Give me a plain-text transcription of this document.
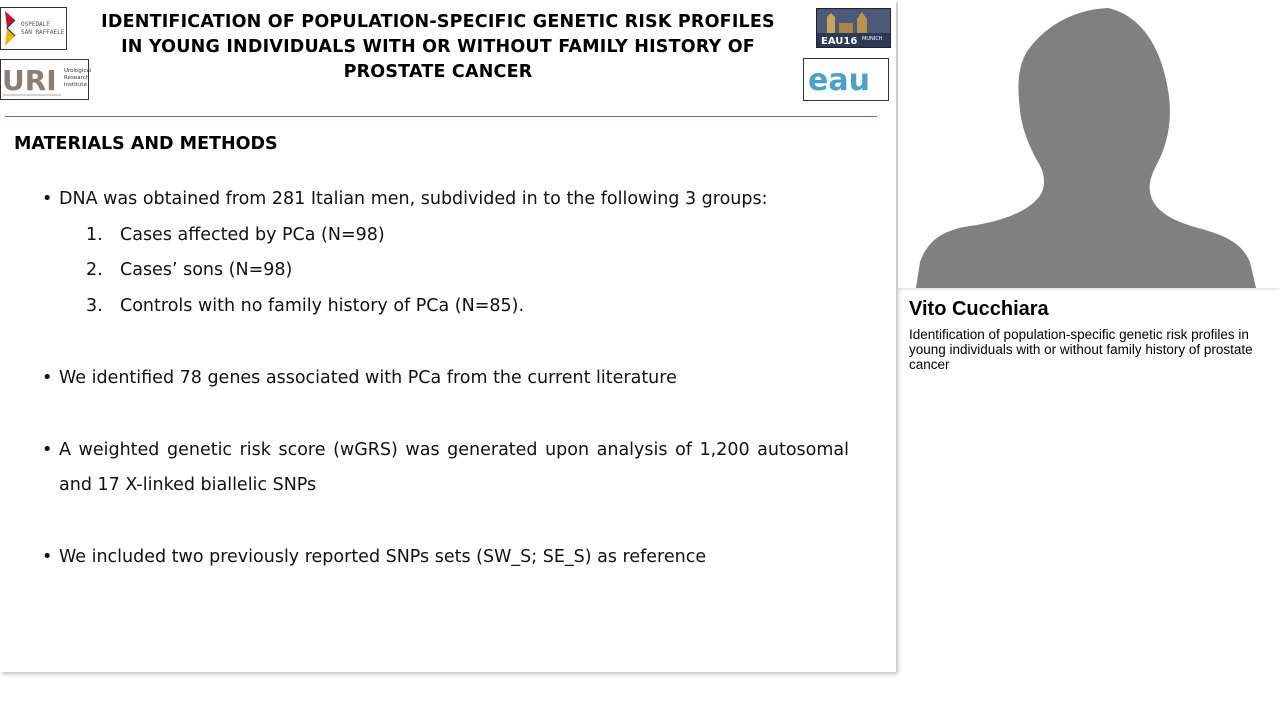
OSPEDALE
SAN RAFFAELE
URI Urological
Research
Institute
EAU16 MUNICH
eau
IDENTIFICATION OF POPULATION-SPECIFIC GENETIC RISK PROFILES
IN YOUNG INDIVIDUALS WITH OR WITHOUT FAMILY HISTORY OF
PROSTATE CANCER
MATERIALS AND METHODS
• DNA was obtained from 281 Italian men, subdivided in to the following 3 groups:
1. Cases affected by PCa (N=98)
2. Cases’ sons (N=98)
3. Controls with no family history of PCa (N=85).
• We identified 78 genes associated with PCa from the current literature
• A weighted genetic risk score (wGRS) was generated upon analysis of 1,200 autosomal and 17 X-linked biallelic SNPs
• We included two previously reported SNPs sets (SW_S; SE_S) as reference
Vito Cucchiara
Identification of population-specific genetic risk profiles in young individuals with or without family history of prostate cancer
